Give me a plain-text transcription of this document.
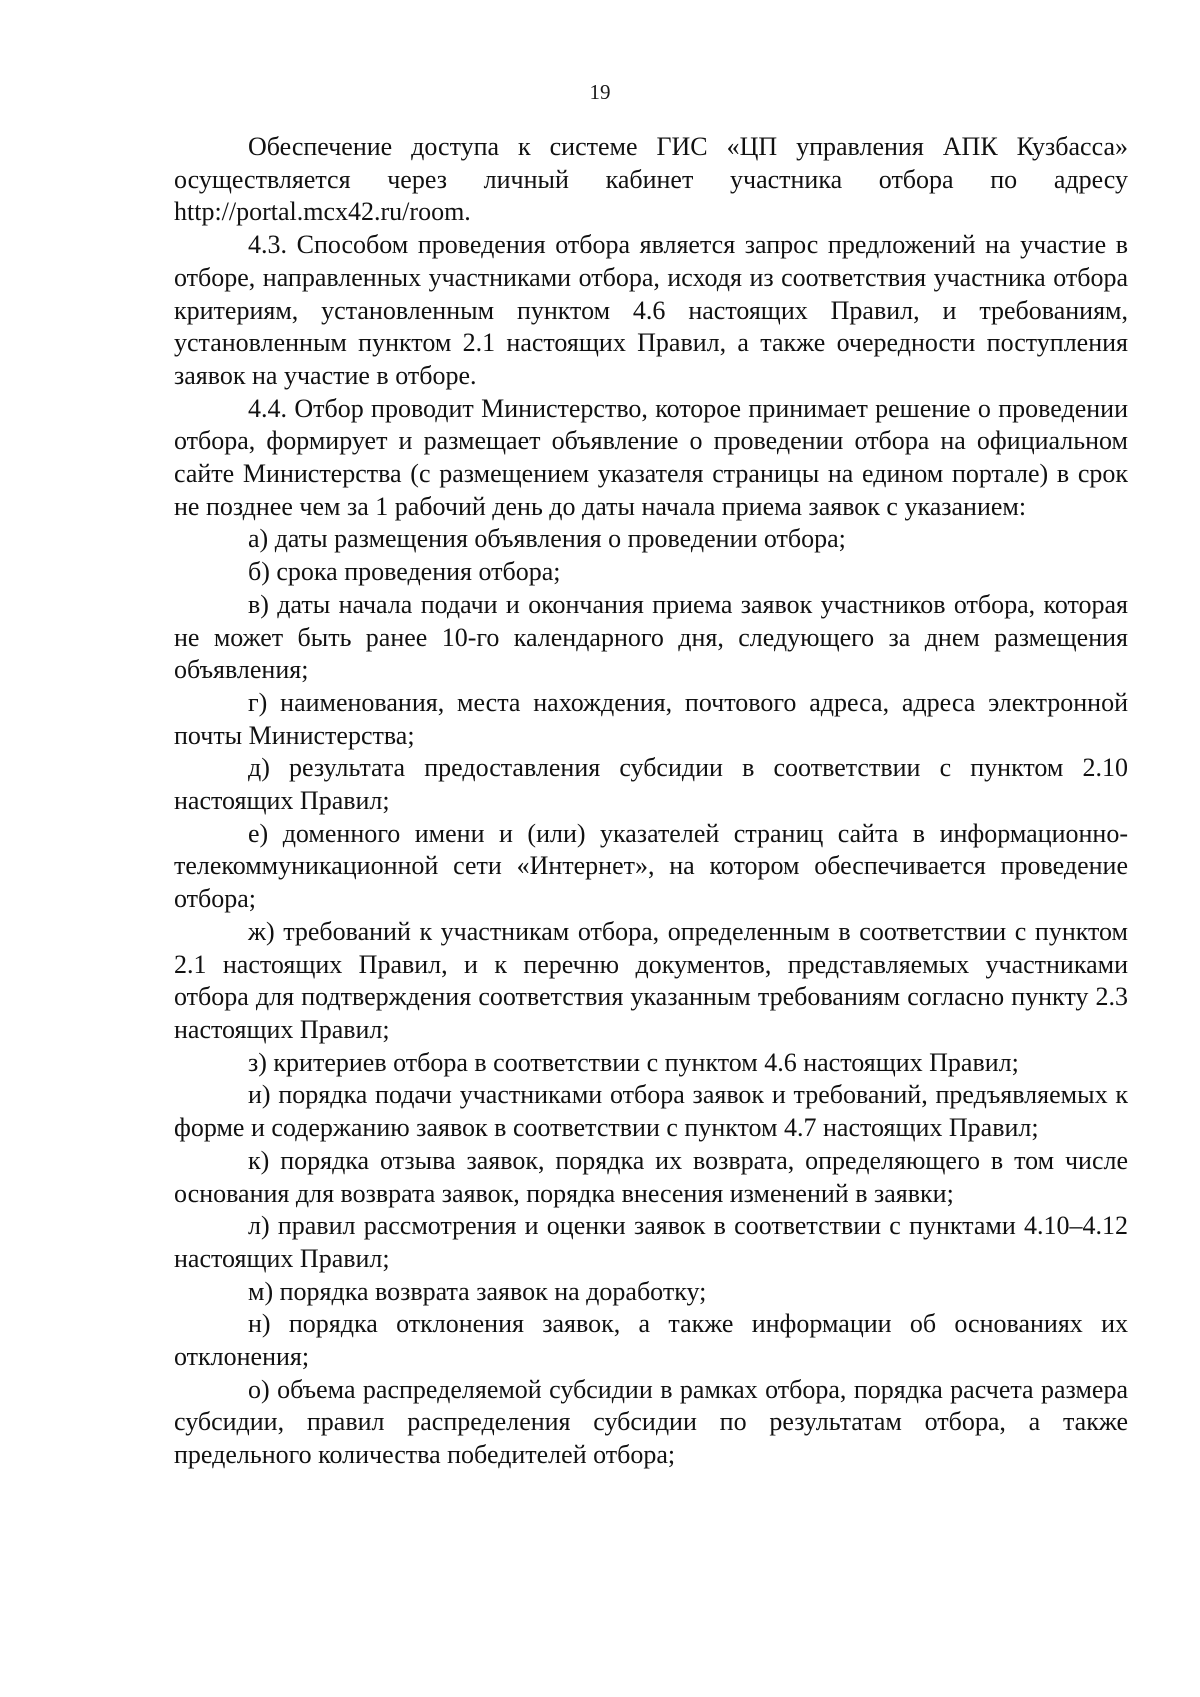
19

Обеспечение доступа к системе ГИС «ЦП управления АПК Кузбасса» осуществляется через личный кабинет участника отбора по адресу http://portal.mcx42.ru/room.

4.3. Способом проведения отбора является запрос предложений на участие в отборе, направленных участниками отбора, исходя из соответствия участника отбора критериям, установленным пунктом 4.6 настоящих Правил, и требованиям, установленным пунктом 2.1 настоящих Правил, а также очередности поступления заявок на участие в отборе.

4.4. Отбор проводит Министерство, которое принимает решение о проведении отбора, формирует и размещает объявление о проведении отбора на официальном сайте Министерства (с размещением указателя страницы на едином портале) в срок не позднее чем за 1 рабочий день до даты начала приема заявок с указанием:

а) даты размещения объявления о проведении отбора;

б) срока проведения отбора;

в) даты начала подачи и окончания приема заявок участников отбора, которая не может быть ранее 10-го календарного дня, следующего за днем размещения объявления;

г) наименования, места нахождения, почтового адреса, адреса электронной почты Министерства;

д) результата предоставления субсидии в соответствии с пунктом 2.10 настоящих Правил;

е) доменного имени и (или) указателей страниц сайта в информационно-телекоммуникационной сети «Интернет», на котором обеспечивается проведение отбора;

ж) требований к участникам отбора, определенным в соответствии с пунктом 2.1 настоящих Правил, и к перечню документов, представляемых участниками отбора для подтверждения соответствия указанным требованиям согласно пункту 2.3 настоящих Правил;

з) критериев отбора в соответствии с пунктом 4.6 настоящих Правил;

и) порядка подачи участниками отбора заявок и требований, предъявляемых к форме и содержанию заявок в соответствии с пунктом 4.7 настоящих Правил;

к) порядка отзыва заявок, порядка их возврата, определяющего в том числе основания для возврата заявок, порядка внесения изменений в заявки;

л) правил рассмотрения и оценки заявок в соответствии с пунктами 4.10–4.12 настоящих Правил;

м) порядка возврата заявок на доработку;

н) порядка отклонения заявок, а также информации об основаниях их отклонения;

о) объема распределяемой субсидии в рамках отбора, порядка расчета размера субсидии, правил распределения субсидии по результатам отбора, а также предельного количества победителей отбора;
